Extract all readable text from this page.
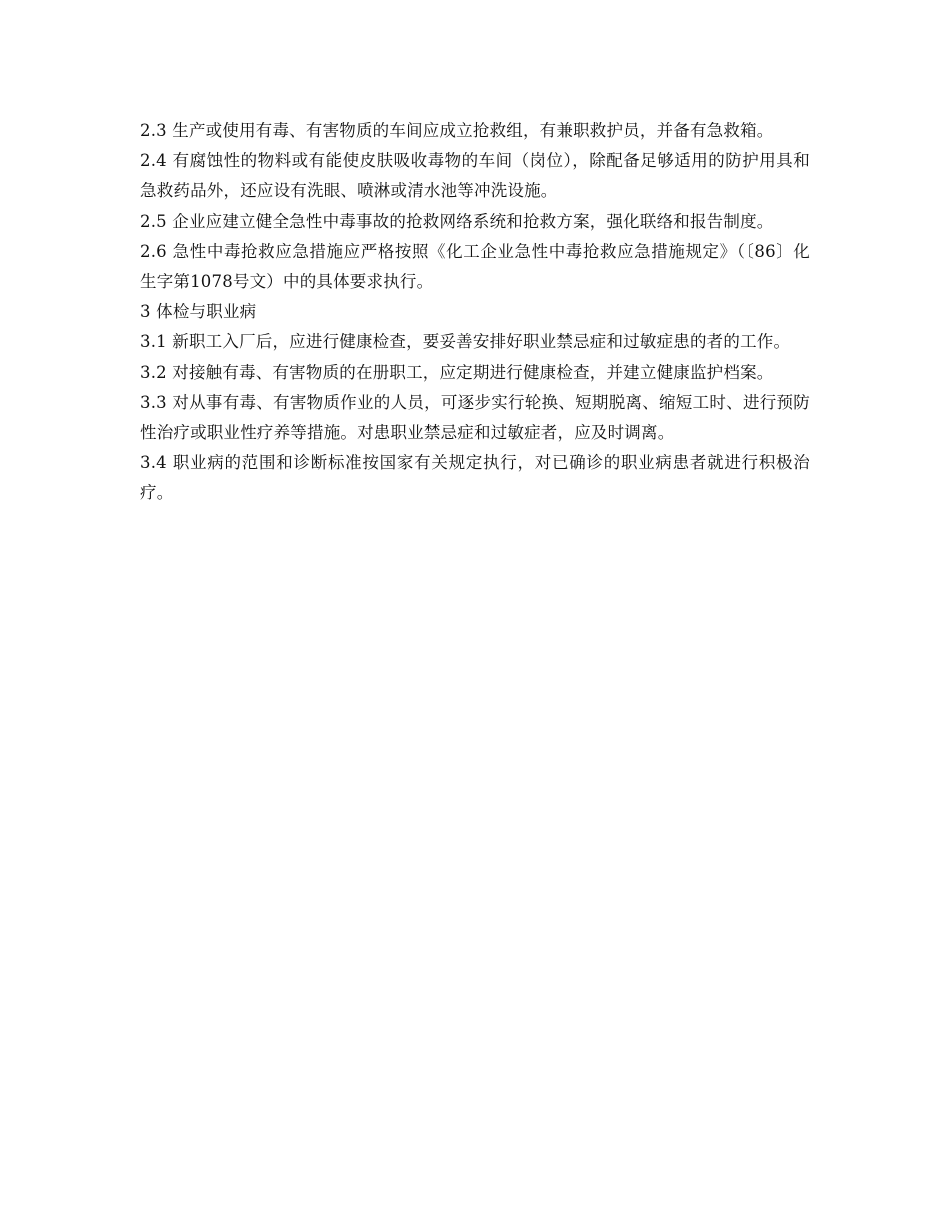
2.3 生产或使用有毒、有害物质的车间应成立抢救组，有兼职救护员，并备有急救箱。

2.4 有腐蚀性的物料或有能使皮肤吸收毒物的车间（岗位），除配备足够适用的防护用具和急救药品外，还应设有洗眼、喷淋或清水池等冲洗设施。

2.5 企业应建立健全急性中毒事故的抢救网络系统和抢救方案，强化联络和报告制度。

2.6 急性中毒抢救应急措施应严格按照《化工企业急性中毒抢救应急措施规定》（〔86〕化生字第1078号文）中的具体要求执行。

3 体检与职业病

3.1 新职工入厂后，应进行健康检查，要妥善安排好职业禁忌症和过敏症患的者的工作。

3.2 对接触有毒、有害物质的在册职工，应定期进行健康检查，并建立健康监护档案。

3.3 对从事有毒、有害物质作业的人员，可逐步实行轮换、短期脱离、缩短工时、进行预防性治疗或职业性疗养等措施。对患职业禁忌症和过敏症者，应及时调离。

3.4 职业病的范围和诊断标准按国家有关规定执行，对已确诊的职业病患者就进行积极治疗。
